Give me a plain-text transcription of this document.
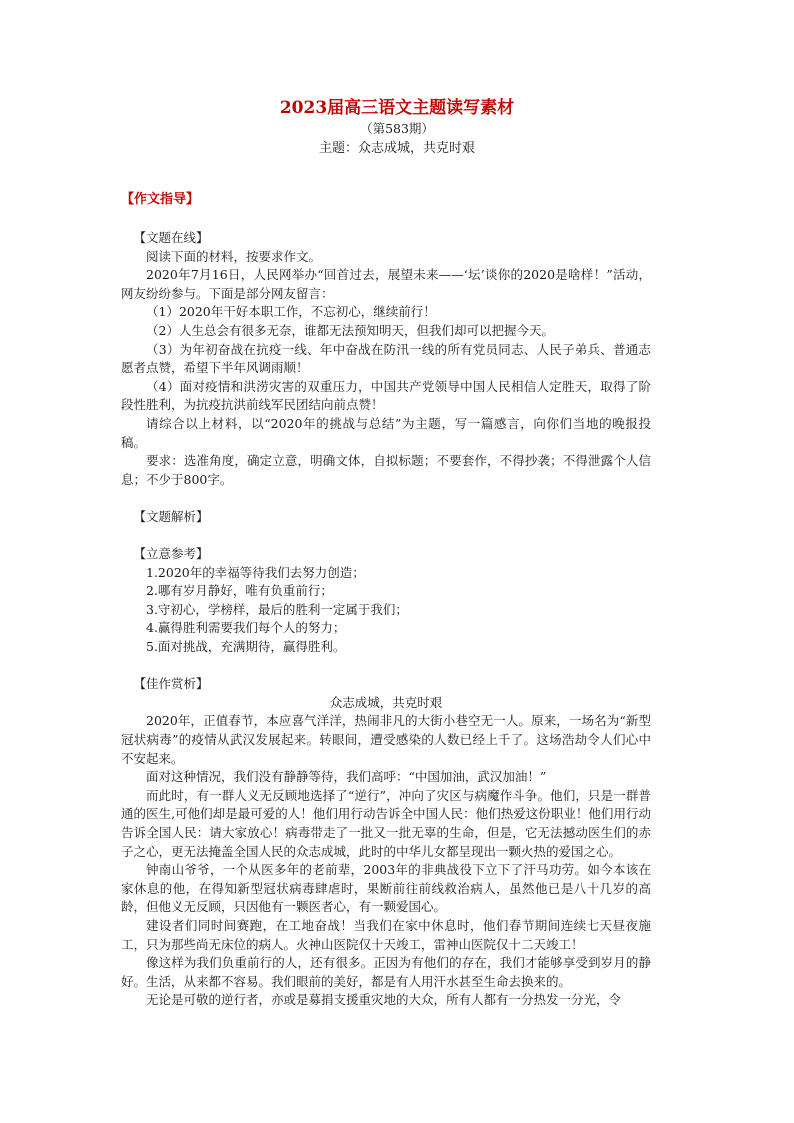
2023届高三语文主题读写素材

（第583期）

主题：众志成城，共克时艰

【作文指导】

【文题在线】

阅读下面的材料，按要求作文。

2020年7月16日，人民网举办“回首过去，展望未来——‘坛’谈你的2020是啥样！”活动，网友纷纷参与。下面是部分网友留言：

（1）2020年干好本职工作，不忘初心，继续前行！

（2）人生总会有很多无奈，谁都无法预知明天，但我们却可以把握今天。

（3）为年初奋战在抗疫一线、年中奋战在防汛一线的所有党员同志、人民子弟兵、普通志愿者点赞，希望下半年风调雨顺！

（4）面对疫情和洪涝灾害的双重压力，中国共产党领导中国人民相信人定胜天，取得了阶段性胜利，为抗疫抗洪前线军民团结向前点赞！

请综合以上材料，以“2020年的挑战与总结”为主题，写一篇感言，向你们当地的晚报投稿。

要求：选准角度，确定立意，明确文体，自拟标题；不要套作，不得抄袭；不得泄露个人信息；不少于800字。

【文题解析】

【立意参考】

1.2020年的幸福等待我们去努力创造；

2.哪有岁月静好，唯有负重前行；

3.守初心，学榜样，最后的胜利一定属于我们；

4.赢得胜利需要我们每个人的努力；

5.面对挑战，充满期待，赢得胜利。

【佳作赏析】

众志成城，共克时艰

2020年，正值春节，本应喜气洋洋，热闹非凡的大街小巷空无一人。原来，一场名为“新型冠状病毒”的疫情从武汉发展起来。转眼间，遭受感染的人数已经上千了。这场浩劫令人们心中不安起来。

面对这种情况，我们没有静静等待，我们高呼：“中国加油，武汉加油！”

而此时，有一群人义无反顾地选择了“逆行”，冲向了灾区与病魔作斗争。他们，只是一群普通的医生,可他们却是最可爱的人！他们用行动告诉全中国人民：他们热爱这份职业！他们用行动告诉全国人民：请大家放心！病毒带走了一批又一批无辜的生命，但是，它无法撼动医生们的赤子之心，更无法掩盖全国人民的众志成城，此时的中华儿女都呈现出一颗火热的爱国之心。

钟南山爷爷，一个从医多年的老前辈，2003年的非典战役下立下了汗马功劳。如今本该在家休息的他，在得知新型冠状病毒肆虐时，果断前往前线救治病人，虽然他已是八十几岁的高龄，但他义无反顾，只因他有一颗医者心，有一颗爱国心。

建设者们同时间赛跑，在工地奋战！当我们在家中休息时，他们春节期间连续七天昼夜施工，只为那些尚无床位的病人。火神山医院仅十天竣工，雷神山医院仅十二天竣工！

像这样为我们负重前行的人，还有很多。正因为有他们的存在，我们才能够享受到岁月的静好。生活，从来都不容易。我们眼前的美好，都是有人用汗水甚至生命去换来的。

无论是可敬的逆行者，亦或是募捐支援重灾地的大众，所有人都有一分热发一分光，令
